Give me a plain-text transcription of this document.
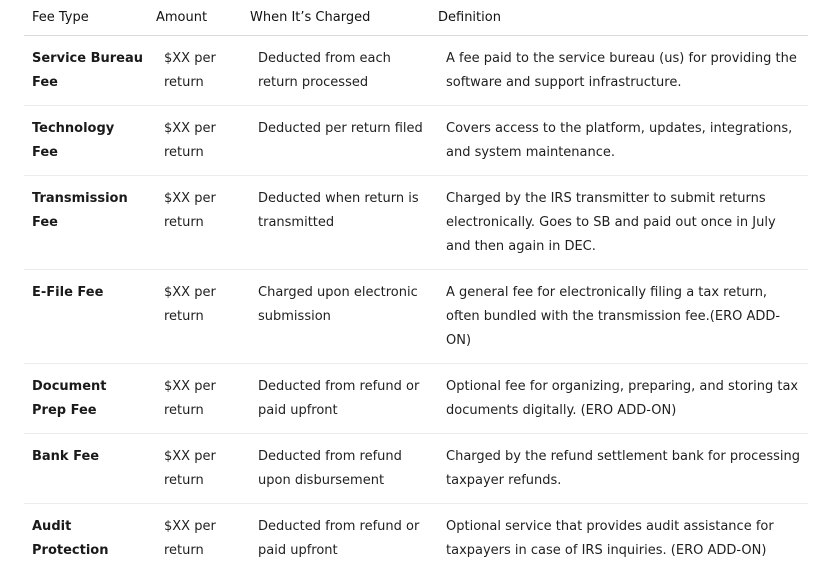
Fee Type	Amount	When It’s Charged	Definition
Service Bureau Fee	$XX per return	Deducted from each return processed	A fee paid to the service bureau (us) for providing the software and support infrastructure.
Technology Fee	$XX per return	Deducted per return filed	Covers access to the platform, updates, integrations, and system maintenance.
Transmission Fee	$XX per return	Deducted when return is transmitted	Charged by the IRS transmitter to submit returns electronically. Goes to SB and paid out once in July and then again in DEC.
E-File Fee	$XX per return	Charged upon electronic submission	A general fee for electronically filing a tax return, often bundled with the transmission fee.(ERO ADD-ON)
Document Prep Fee	$XX per return	Deducted from refund or paid upfront	Optional fee for organizing, preparing, and storing tax documents digitally. (ERO ADD-ON)
Bank Fee	$XX per return	Deducted from refund upon disbursement	Charged by the refund settlement bank for processing taxpayer refunds.
Audit Protection	$XX per return	Deducted from refund or paid upfront	Optional service that provides audit assistance for taxpayers in case of IRS inquiries. (ERO ADD-ON)
